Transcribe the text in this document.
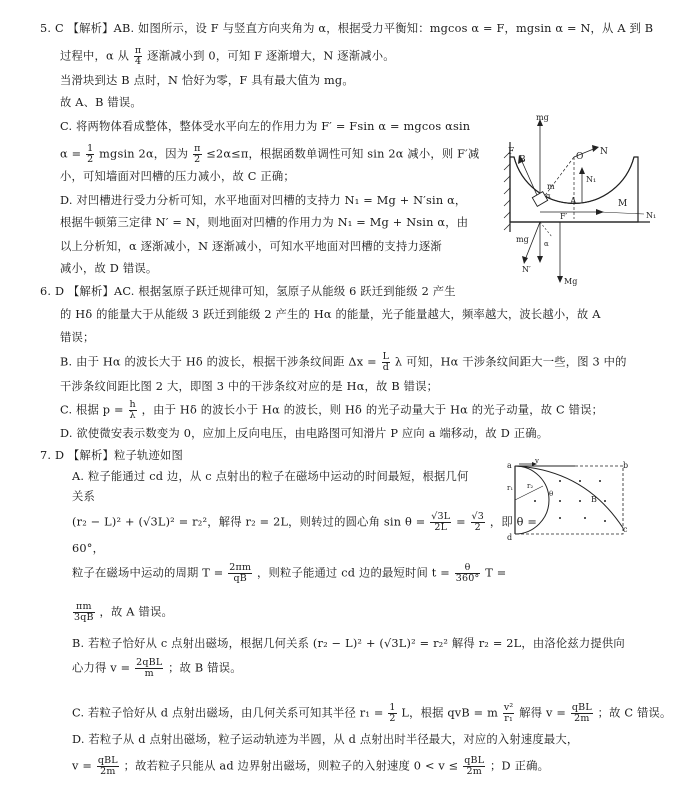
5. C 【解析】AB. 如图所示，设 F 与竖直方向夹角为 α，根据受力平衡知：mgcos α = F，mgsin α = N，从 A 到 B
过程中，α 从 $\frac{\pi}{4}$ 逐渐减小到 0，可知 F 逐渐增大，N 逐渐减小。
当滑块到达 B 点时，N 恰好为零，F 具有最大值为 mg。
故 A、B 错误。
C. 将两物体看成整体，整体受水平向左的作用力为 F′ = Fsin α = mgcos αsin
$\alpha = \frac{1}{2}$ mgsin 2α，因为 $\frac{\pi}{2} \le 2\alpha\le\pi$，根据函数单调性可知 sin 2α 减小，则 F′减
小，可知墙面对凹槽的压力减小，故 C 正确；
D. 对凹槽进行受力分析可知，水平地面对凹槽的支持力 N₁ = Mg + N′sin α，
根据牛顿第三定律 N′ = N，则地面对凹槽的作用力为 N₁ = Mg + Nsin α，由
以上分析知，α 逐渐减小，N 逐渐减小，可知水平地面对凹槽的支持力逐渐
减小，故 D 错误。
mg
F
B	O N
N₁
m
α
A	M
F′	N₁
mg α
N′
Mg
6. D 【解析】AC. 根据氢原子跃迁规律可知，氢原子从能级 6 跃迁到能级 2 产生
的 Hδ 的能量大于从能级 3 跃迁到能级 2 产生的 Hα 的能量，光子能量越大，频率越大，波长越小，故 A
错误；
B. 由于 Hα 的波长大于 Hδ 的波长，根据干涉条纹间距 $\Delta x = \frac{L}{d}$ λ 可知，Hα 干涉条纹间距大一些，图 3 中的
干涉条纹间距比图 2 大，即图 3 中的干涉条纹对应的是 Hα，故 B 错误；
C. 根据 $p = \frac{h}{\lambda}$ ，由于 Hδ 的波长小于 Hα 的波长，则 Hδ 的光子动量大于 Hα 的光子动量，故 C 错误；
D. 欲使微安表示数变为 0，应加上反向电压，由电路图可知滑片 P 应向 a 端移动，故 D 正确。
7. D 【解析】粒子轨迹如图
A. 粒子能通过 cd 边，从 c 点射出的粒子在磁场中运动的时间最短，根据几何
关系
(r₂ − L)² + (√3L)² = r₂²，解得 r₂ = 2L，则转过的圆心角 $\sin \theta = \frac{√3L}{2L} = \frac{√3}{2}$ ，即 θ =
60°，
粒子在磁场中运动的周期 $T = \frac{2\pi m}{qB}$ ，则粒子能通过 cd 边的最短时间 $t = \frac{\theta}{360^\circ}$ T =
$\frac{\pi m}{3qB}$ ，故 A 错误。
B. 若粒子恰好从 c 点射出磁场，根据几何关系 (r₂ − L)² + (√3L)² = r₂² 解得 r₂ = 2L，由洛伦兹力提供向
心力得 $v = \frac{\text{2qBL}}{m}$ ；故 B 错误。
C. 若粒子恰好从 d 点射出磁场，由几何关系可知其半径 $r_1 = \frac{1}{2}$ L，根据 qvB = m $\frac{\text{v²}}{\text{r₁}}$ 解得 $v = \frac{\text{qBL}}{2m}$ ；故 C 错误。
D. 若粒子从 d 点射出磁场，粒子运动轨迹为半圆，从 d 点射出时半径最大，对应的入射速度最大，
$v = \frac{\text{qBL}}{2m}$ ；故若粒子只能从 ad 边界射出磁场，则粒子的入射速度 $0 < v \le \frac{\text{qBL}}{2m}$ ；D 正确。
a	v	b
r₁ r₂
B
θ
c
d
